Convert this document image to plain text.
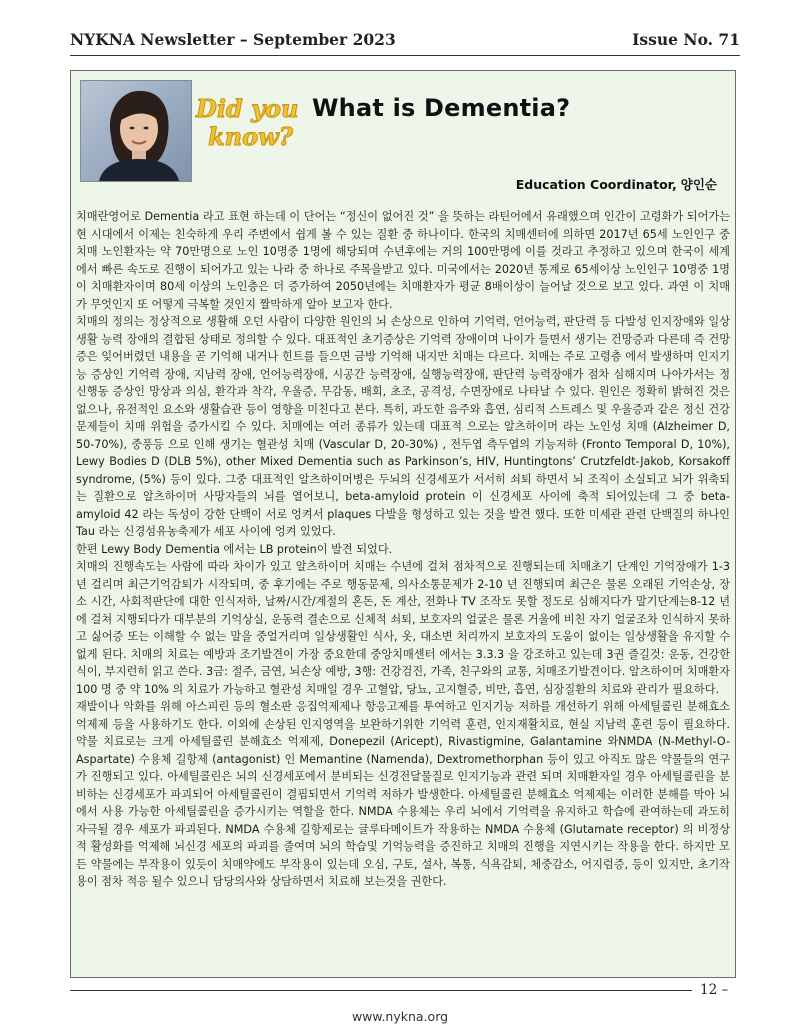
NYKNA Newsletter – September 2023	Issue No. 71
Did you
know?
What is Dementia?
Education Coordinator, 양인순

치매란영어로 Dementia 라고 표현 하는데 이 단어는 “정신이 없어진 것” 을 뜻하는 라틴어에서 유래했으며 인간이 고령화가 되어가는 현 시대에서 이제는 친숙하게 우리 주변에서 쉽게 볼 수 있는 질환 중 하나이다. 한국의 치매센터에 의하면 2017년 65세 노인인구 중 치매 노인환자는 약 70만명으로 노인 10명중 1명에 해당되며 수년후에는 거의 100만명에 이를 것라고 추정하고 있으며 한국이 세계에서 빠른 속도로 진행이 되어가고 있는 나라 중 하나로 주목을받고 있다. 미국에서는 2020년 통계로 65세이상 노인인구 10명중 1명이 치매환자이며 80세 이상의 노인층은 더 증가하여 2050년에는 치매환자가 평균 8배이상이 늘어날 것으로 보고 있다. 과연 이 치매가 무엇인지 또 어떻게 극복할 것인지 짤막하게 알아 보고자 한다.

치매의 정의는 정상적으로 생활해 오던 사람이 다양한 원인의 뇌 손상으로 인하여 기억력, 언어능력, 판단력 등 다발성 인지장애와 일상생활 능력 장애의 결합된 상태로 정의할 수 있다. 대표적인 초기증상은 기억력 장애이며 나이가 들면서 생기는 건망증과 다른데 즉 건망증은 잊어버렸던 내용을 곧 기억해 내거나 힌트를 들으면 금방 기억해 내지만 치매는 다르다. 치매는 주로 고령층 에서 발생하며 인지기능 증상인 기억력 장애, 지남력 장애, 언어능력장애, 시공간 능력장애, 실행능력장애, 판단력 능력장애가 점차 심해지며 나아가서는 정신행동 증상인 망상과 의심, 환각과 착각, 우울증, 무감동, 배회, 초조, 공격성, 수면장애로 나타날 수 있다. 원인은 정확히 밝혀진 것은 없으나, 유전적인 요소와 생활습관 등이 영향을 미친다고 본다. 특히, 과도한 음주와 흡연, 심리적 스트레스 및 우울증과 같은 정신 건강 문제들이 치매 위험을 증가시킬 수 있다. 치매에는 여러 종류가 있는데 대표적 으로는 알츠하이머 라는 노인성 치매 (Alzheimer D, 50-70%), 중풍등 으로 인해 생기는 혈관성 치매 (Vascular D, 20-30%) , 전두엽 측두엽의 기능저하 (Fronto Temporal D, 10%), Lewy Bodies D (DLB 5%), other Mixed Dementia such as Parkinson’s, HIV, Huntingtons’ Crutzfeldt-Jakob, Korsakoff syndrome, (5%) 등이 있다. 그중 대표적인 알츠하이머병은 두뇌의 신경세포가 서서히 쇠퇴 하면서 뇌 조직이 소실되고 뇌가 위축되는 질환으로 알츠하이머 사망자들의 뇌를 열어보니, beta-amyloid protein 이 신경세포 사이에 축적 되어있는데 그 중 beta-amyloid 42 라는 독성이 강한 단백이 서로 엉켜서 plaques 다발을 형성하고 있는 것을 발견 했다. 또한 미세관 관련 단백질의 하나인Tau 라는 신경섬유농축제가 세포 사이에 엉켜 있었다.

한편 Lewy Body Dementia 에서는 LB protein이 발견 되었다.

치매의 진행속도는 사람에 따라 차이가 있고 알츠하이머 치매는 수년에 걸쳐 점차적으로 진행되는데 치매초기 단계인 기억장애가 1-3년 걸리며 최근기억감퇴가 시작되며, 중 후기에는 주로 행동문제, 의사소통문제가 2-10 년 진행되며 최근은 물론 오래된 기억손상, 장소 시간, 사회적판단에 대한 인식저하, 날짜/시간/계절의 혼돈, 돈 계산, 전화나 TV 조작도 못할 정도로 심해지다가 말기단계는8-12 년에 걸쳐 지행되다가 대부분의 기억상실, 운동력 결손으로 신체적 쇠퇴, 보호자의 얼굴은 물론 거울에 비친 자기 얼굴조차 인식하지 못하고 싫어증 또는 이해할 수 없는 말을 중얼거리며 일상생활인 식사, 옷, 대소변 처리까지 보호자의 도움이 없이는 일상생활을 유지할 수 없게 된다. 치매의 치료는 예방과 조기발견이 가장 중요한데 중앙치매센터 에서는 3.3.3 을 강조하고 있는데 3권 즐길것: 운동, 건강한 식이, 부지런히 읽고 쓴다. 3금: 절주, 금연, 뇌손상 예방, 3행: 건강검진, 가족, 친구와의 교통, 치매조기발견이다. 알츠하이머 치매환자 100 명 중 약 10% 의 치료가 가능하고 혈관성 치매일 경우 고혈압, 당뇨, 고지혈증, 비만, 흡연, 심장질환의 치료와 관리가 필요하다.

재발이나 악화를 위해 아스피린 등의 혈소판 응집억제제나 항응고제를 투여하고 인지기능 저하를 개선하기 위해 아세틸콜린 분해효소 억제제 등을 사용하기도 한다. 이외에 손상된 인지영역을 보완하기위한 기억력 훈련, 인지재활치료, 현실 지남력 훈련 등이 필요하다. 약물 치료로는 크게 아세틸콜린 분해효소 억제제, Donepezil (Aricept), Rivastigmine, Galantamine 와NMDA (N-Methyl-O-Aspartate) 수용체 길항제 (antagonist) 인 Memantine (Namenda), Dextromethorphan 등이 있고 아직도 많은 약물들의 연구가 진행되고 있다. 아세틸콜린은 뇌의 신경세포에서 분비되는 신경전달물질로 인지기능과 관련 되며 치매환자일 경우 아세틸콜린을 분비하는 신경세포가 파괴되어 아세틸콜린이 결핍되면서 기억력 저하가 발생한다. 아세틸콜린 분해효소 억제제는 이러한 분해를 막아 뇌에서 사용 가능한 아세틸콜린을 증가시키는 역할을 한다. NMDA 수용체는 우리 뇌에서 기억력을 유지하고 학습에 관여하는데 과도히 자극될 경우 세포가 파괴된다. NMDA 수용체 길항제로는 글루타메이트가 작용하는 NMDA 수용체 (Glutamate receptor) 의 비정상적 활성화를 억제해 뇌신경 세포의 파괴를 줄여며 뇌의 학습및 기억능력을 증진하고 치매의 진행을 지연시키는 작용을 한다. 하지만 모든 약물에는 부작용이 있듯이 치매약에도 부작용이 있는데 오심, 구토, 설사, 복통, 식욕감퇴, 체중감소, 어지럼증, 등이 있지만, 초기작용이 점차 적응 될수 있으니 담당의사와 상담하면서 치료해 보는것을 권한다.

12 –
www.nykna.org
